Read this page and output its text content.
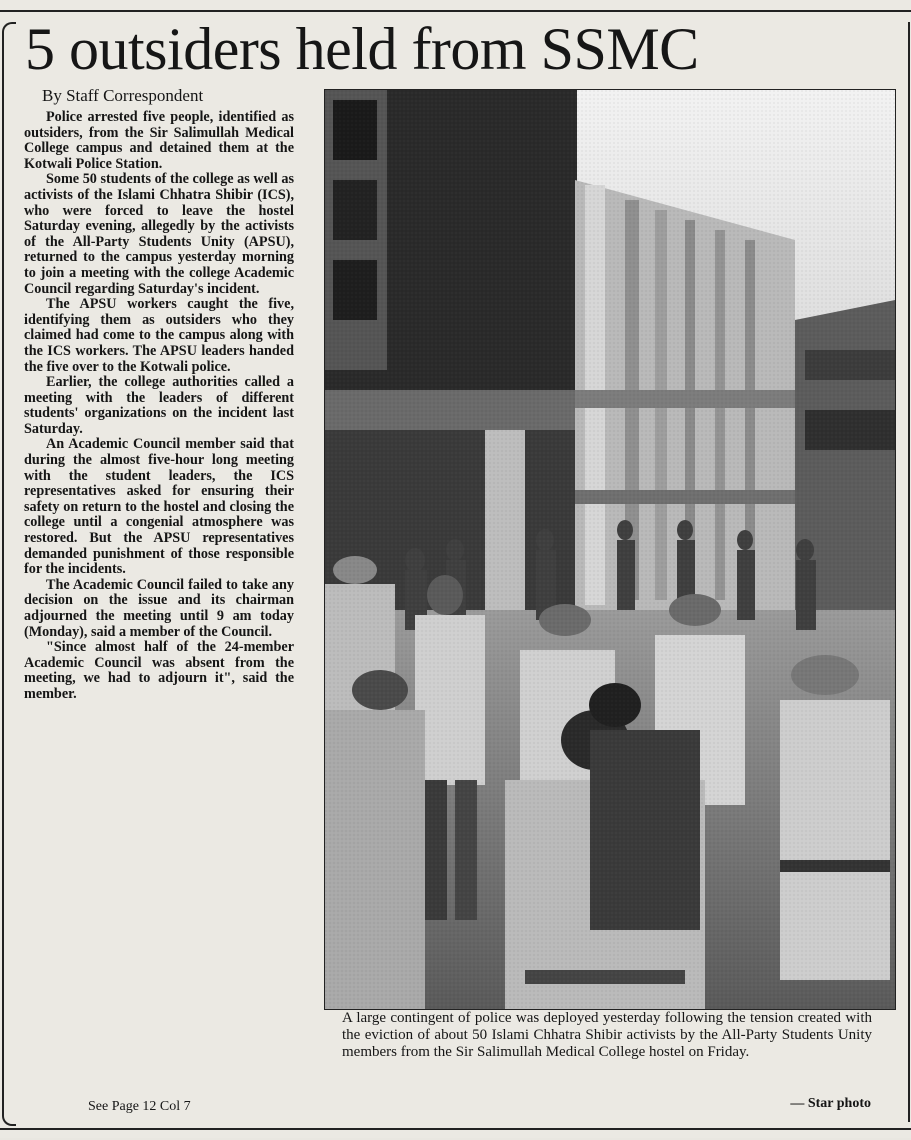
5 outsiders held from SSMC
By Staff Correspondent

Police arrested five people, identified as outsiders, from the Sir Salimullah Medical College campus and detained them at the Kotwali Police Station.

Some 50 students of the college as well as activists of the Islami Chhatra Shibir (ICS), who were forced to leave the hostel Saturday evening, allegedly by the activists of the All-Party Students Unity (APSU), returned to the campus yesterday morning to join a meeting with the college Academic Council regarding Saturday's incident.

The APSU workers caught the five, identifying them as outsiders who they claimed had come to the campus along with the ICS workers. The APSU leaders handed the five over to the Kotwali police.

Earlier, the college authorities called a meeting with the leaders of different students' organizations on the incident last Saturday.

An Academic Council member said that during the almost five-hour long meeting with the student leaders, the ICS representatives asked for ensuring their safety on return to the hostel and closing the college until a congenial atmosphere was restored. But the APSU representatives demanded punishment of those responsible for the incidents.

The Academic Council failed to take any decision on the issue and its chairman adjourned the meeting until 9 am today (Monday), said a member of the Council.

"Since almost half of the 24-member Academic Council was absent from the meeting, we had to adjourn it", said the member.

See Page 12 Col 7
A large contingent of police was deployed yesterday following the tension created with the eviction of about 50 Islami Chhatra Shibir activists by the All-Party Students Unity members from the Sir Salimullah Medical College hostel on Friday.
— Star photo
